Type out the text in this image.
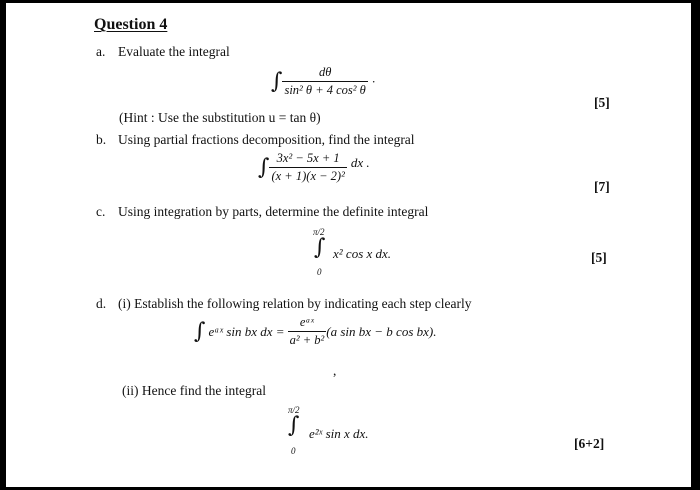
Question 4
a. Evaluate the integral
∫ $\frac{d\theta}{\text{sin² θ + 4 cos² θ}}$ ·
[5]
(Hint : Use the substitution u = tan θ)
b. Using partial fractions decomposition, find the integral
∫ $\frac{\text{3x² − 5x + 1}}{\text{(x + 1)(x − 2)²}}$ dx .
[7]
c. Using integration by parts, determine the definite integral
π/2
∫
0
x² cos x dx.	[5]
d. (i) Establish the following relation by indicating each step clearly
∫ eᵃˣ sin bx dx = $\frac{\text{eᵃˣ}}{\text{a² + b²}} (a$ sin bx − b cos bx).
,
(ii) Hence find the integral
π/2
∫
0
e²ˣ sin x dx.
[6+2]
